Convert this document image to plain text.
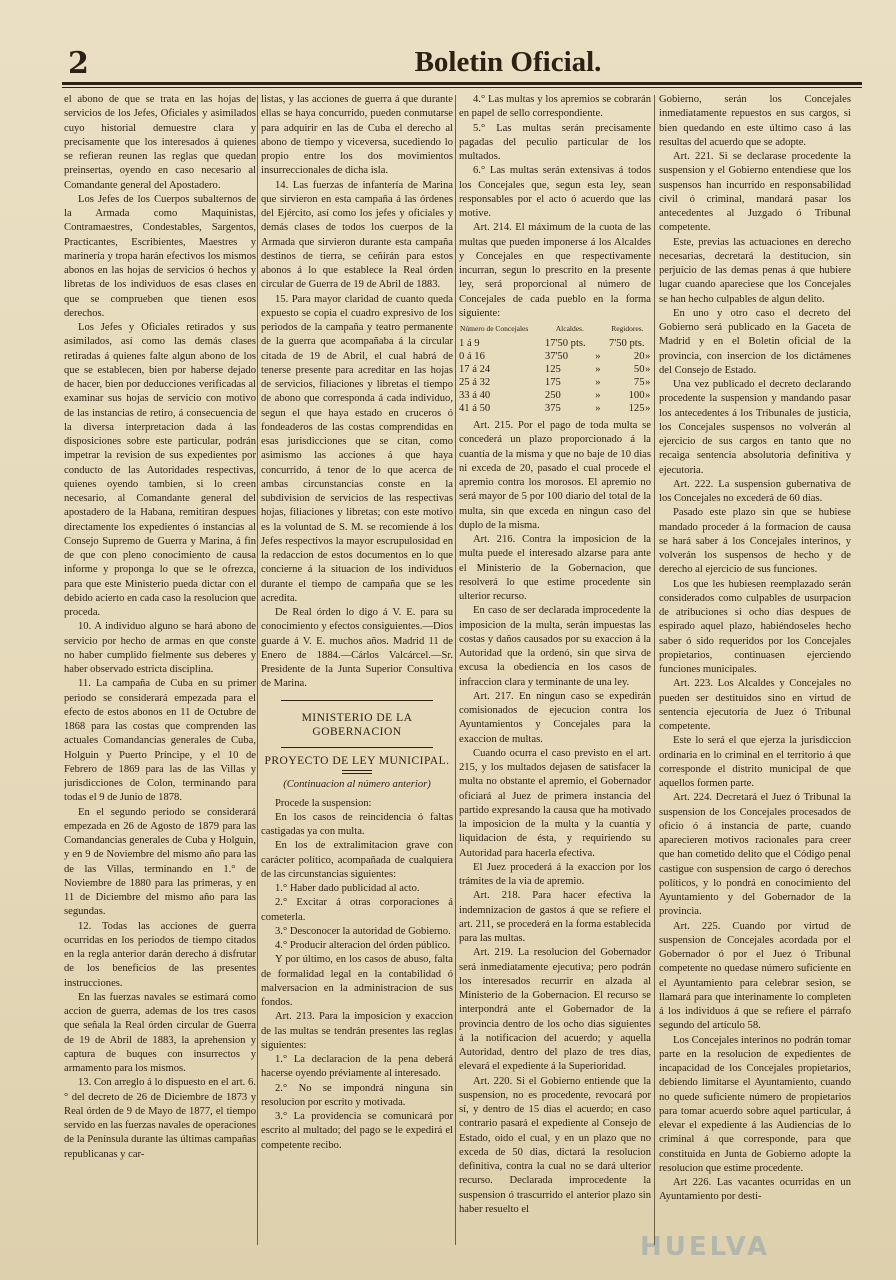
2	Boletin Oficial.

el abono de que se trata en las hojas de servicios de los Jefes, Oficiales y asimilados cuyo historial demuestre clara y precisamente que los interesados á quienes se refieran reunen las reglas que quedan preinsertas, oyendo en caso necesario al Comandante general del Apostadero.

Los Jefes de los Cuerpos subalternos de la Armada como Maquinistas, Contramaestres, Condestables, Sargentos, Practicantes, Escribientes, Maestres y marinería y tropa harán efectivos los mismos abonos en las hojas de servicios ó hechos y libretas de los individuos de esas clases en que se comprueben que tienen esos derechos.

Los Jefes y Oficiales retirados y sus asimilados, así como las demás clases retiradas á quienes falte algun abono de los que se establecen, bien por haberse dejado de hacer, bien por deducciones verificadas al examinar sus hojas de servicio con motivo de las instancias de retiro, á consecuencia de la diversa interpretacion dada á las disposiciones sobre este particular, podrán impetrar la revision de sus expedientes por conducto de las Autoridades respectivas, quienes oyendo tambien, si lo creen necesario, al Comandante general del apostadero de la Habana, remitiran despues directamente los expedientes ó instancias al Consejo Supremo de Guerra y Marina, á fin de que con pleno conocimiento de causa informe y proponga lo que se le ofrezca, para que este Ministerio pueda dictar con el debido acierto en cada caso la resolucion que proceda.

10. A individuo alguno se hará abono de servicio por hecho de armas en que conste no haber cumplido fielmente sus deberes y haber observado estricta disciplina.

11. La campaña de Cuba en su primer periodo se considerará empezada para el efecto de estos abonos en 11 de Octubre de 1868 para las costas que comprenden las actuales Comandancias generales de Cuba, Holguin y Puerto Príncipe, y el 10 de Febrero de 1869 para las de las Villas y jurisdicciones de Colon, terminando para todas el 9 de Junio de 1878.

En el segundo periodo se considerará empezada en 26 de Agosto de 1879 para las Comandancias generales de Cuba y Holguin, y en 9 de Noviembre del mismo año para las de las Villas, terminando en 1.° de Noviembre de 1880 para las primeras, y en 11 de Diciembre del mismo año para las segundas.

12. Todas las acciones de guerra ocurridas en los periodos de tiempo citados en la regla anterior darán derecho á disfrutar de los beneficios de las presentes instrucciones.

En las fuerzas navales se estimará como accion de guerra, ademas de los tres casos que señala la Real órden circular de Guerra de 19 de Abril de 1883, la aprehension y captura de buques con insurrectos y armamento para los mismos.

13. Con arreglo á lo dispuesto en el art. 6.° del decreto de 26 de Diciembre de 1873 y Real órden de 9 de Mayo de 1877, el tiempo servido en las fuerzas navales de operaciones de la Península durante las últimas campañas republicanas y car-

listas, y las acciones de guerra á que durante ellas se haya concurrido, pueden conmutarse para adquirir en las de Cuba el derecho al abono de tiempo y viceversa, sucediendo lo propio entre los dos movimientos insurreccionales de dicha isla.

14. Las fuerzas de infantería de Marina que sirvieron en esta campaña á las órdenes del Ejército, así como los jefes y oficiales y demás clases de todos los cuerpos de la Armada que sirvieron durante esta campaña destinos de tierra, se ceñirán para estos abonos á lo que establece la Real órden circular de Guerra de 19 de Abril de 1883.

15. Para mayor claridad de cuanto queda expuesto se copia el cuadro expresivo de los periodos de la campaña y teatro permanente de la guerra que acompañaba á la circular citada de 19 de Abril, el cual habrá de tenerse presente para acreditar en las hojas de servicios, filiaciones y libretas el tiempo de abono que corresponda á cada individuo, segun el que haya estado en cruceros ó fondeaderos de las costas comprendidas en esas jurisdicciones que se citan, como asimismo las acciones á que haya concurrido, á tenor de lo que acerca de ambas circunstancias conste en la subdivision de servicios de las respectivas hojas, filiaciones y libretas; con este motivo es la voluntad de S. M. se recomiende á los Jefes respectivos la mayor escrupulosidad en la redaccion de estos documentos en lo que concierne á la situacion de los individuos durante el tiempo de campaña que se les acredita.

De Real órden lo digo á V. E. para su conocimiento y efectos consiguientes.—Dios guarde á V. E. muchos años. Madrid 11 de Enero de 1884.—Cárlos Valcárcel.—Sr. Presidente de la Junta Superior Consultiva de Marina.

MINISTERIO DE LA GOBERNACION

PROYECTO DE LEY MUNICIPAL.

(Continuacion al número anterior)

Procede la suspension:

En los casos de reincidencia ó faltas castigadas ya con multa.

En los de extralimitacion grave con carácter político, acompañada de cualquiera de las circunstancias siguientes:

1.° Haber dado publicidad al acto.

2.° Excitar á otras corporaciones á cometerla.

3.° Desconocer la autoridad de Gobierno.

4.° Producir alteracion del órden público.

Y por último, en los casos de abuso, falta de formalidad legal en la contabilidad ó malversacion en la administracion de sus fondos.

Art. 213. Para la imposicion y exaccion de las multas se tendrán presentes las reglas siguientes:

1.° La declaracion de la pena deberá hacerse oyendo préviamente al interesado.

2.° No se impondrá ninguna sin resolucion por escrito y motivada.

3.° La providencia se comunicará por escrito al multado; del pago se le expedirá el competente recibo.

4.° Las multas y los apremios se cobrarán en papel de sello correspondiente.

5.° Las multas serán precisamente pagadas del peculio particular de los multados.

6.° Las multas serán extensivas á todos los Concejales que, segun esta ley, sean responsables por el acto ó acuerdo que las motive.

Art. 214. El máximum de la cuota de las multas que pueden imponerse á los Alcaldes y Concejales en que respectivamente incurran, segun lo prescrito en la presente ley, será proporcional al número de Concejales de cada pueblo en la forma siguiente:

Número de Concejales	Alcaldes.		Regidores.	
1 á 9	17'50 pts.		7'50 pts.	
0 á 16	37'50	»	20	»
17 á 24	125	»	50	»
25 á 32	175	»	75	»
33 á 40	250	»	100	»
41 á 50	375	»	125	»

Art. 215. Por el pago de toda multa se concederá un plazo proporcionado á la cuantía de la misma y que no baje de 10 dias ni exceda de 20, pasado el cual procede el apremio contra los morosos. El apremio no será mayor de 5 por 100 diario del total de la multa, sin que exceda en ningun caso del duplo de la misma.

Art. 216. Contra la imposicion de la multa puede el interesado alzarse para ante el Ministerio de la Gobernacion, que resolverá lo que estime procedente sin ulterior recurso.

En caso de ser declarada improcedente la imposicion de la multa, serán impuestas las costas y daños causados por su exaccion á la Autoridad que la ordenó, sin que sirva de excusa la obediencia en los casos de infraccion clara y terminante de una ley.

Art. 217. En ningun caso se expedirán comisionados de ejecucion contra los Ayuntamientos y Concejales para la exaccion de multas.

Cuando ocurra el caso previsto en el art. 215, y los multados dejasen de satisfacer la multa no obstante el apremio, el Gobernador oficiará al Juez de primera instancia del partido expresando la causa que ha motivado la imposicion de la multa y la cuantía y liquidacion de ésta, y requiriendo su Autoridad para hacerla efectiva.

El Juez procederá á la exaccion por los trámites de la via de apremio.

Art. 218. Para hacer efectiva la indemnizacion de gastos á que se refiere el art. 211, se procederá en la forma establecida para las multas.

Art. 219. La resolucion del Gobernador será inmediatamente ejecutiva; pero podrán los interesados recurrir en alzada al Ministerio de la Gobernacion. El recurso se interpondrá ante el Gobernador de la provincia dentro de los ocho dias siguientes á la notificacion del acuerdo; y aquella Autoridad, dentro del plazo de tres dias, elevará el expediente á la Superioridad.

Art. 220. Si el Gobierno entiende que la suspension, no es procedente, revocará por sí, y dentro de 15 dias el acuerdo; en caso contrario pasará el expediente al Consejo de Estado, oido el cual, y en un plazo que no exceda de 50 dias, dictará la resolucion definitiva, contra la cual no se dará ulterior recurso. Declarada improcedente la suspension ó trascurrido el anterior plazo sin haber resuelto el

Gobierno, serán los Concejales inmediatamente repuestos en sus cargos, si bien quedando en este último caso á las resultas del acuerdo que se adopte.

Art. 221. Si se declarase procedente la suspension y el Gobierno entendiese que los suspensos han incurrido en responsabilidad civil ó criminal, mandará pasar los antecedentes al Juzgado ó Tribunal competente.

Este, previas las actuaciones en derecho necesarias, decretará la destitucion, sin perjuicio de las demas penas á que hubiere lugar cuando apareciese que los Concejales se han hecho culpables de algun delito.

En uno y otro caso el decreto del Gobierno será publicado en la Gaceta de Madrid y en el Boletin oficial de la provincia, con insercion de los dictámenes del Consejo de Estado.

Una vez publicado el decreto declarando procedente la suspension y mandando pasar los antecedentes á los Tribunales de justicia, los Concejales suspensos no volverán al ejercicio de sus cargos en tanto que no recaiga sentencia absolutoria definitiva y ejecutoria.

Art. 222. La suspension gubernativa de los Concejales no excederá de 60 dias.

Pasado este plazo sin que se hubiese mandado proceder á la formacion de causa se hará saber á los Concejales interinos, y volverán los suspensos de hecho y de derecho al ejercicio de sus funciones.

Los que les hubiesen reemplazado serán considerados como culpables de usurpacion de atribuciones si ocho dias despues de espirado aquel plazo, habiéndoseles hecho saber ó sido requeridos por los Concejales propietarios, continuasen ejerciendo funciones municipales.

Art. 223. Los Alcaldes y Concejales no pueden ser destituidos sino en virtud de sentencia ejecutoria de Juez ó Tribunal competente.

Este lo será el que ejerza la jurisdiccion ordinaria en lo criminal en el territorio á que corresponde el distrito municipal de que aquellos formen parte.

Art. 224. Decretará el Juez ó Tribunal la suspension de los Concejales procesados de oficio ó á instancia de parte, cuando aparecieren motivos racionales para creer que han cometido delito que el Código penal castigue con suspension de cargo ó derechos políticos, y lo pondrá en conocimiento del Ayuntamiento y del Gobernador de la provincia.

Art. 225. Cuando por virtud de suspension de Concejales acordada por el Gobernador ó por el Juez ó Tribunal competente no quedase número suficiente en el Ayuntamiento para celebrar sesion, se llamará para que interinamente lo completen á los individuos á que se refiere el párrafo segundo del artículo 58.

Los Concejales interinos no podrán tomar parte en la resolucion de expedientes de incapacidad de los Concejales propietarios, debiendo limitarse el Ayuntamiento, cuando no quede suficiente número de propietarios para tomar acuerdo sobre aquel particular, á elevar el expediente á las Audiencias de lo criminal á que corresponde, para que constituida en Junta de Gobierno adopte la resolucion que estime procedente.

Art 226. Las vacantes ocurridas en un Ayuntamiento por desti-

HUELVA
